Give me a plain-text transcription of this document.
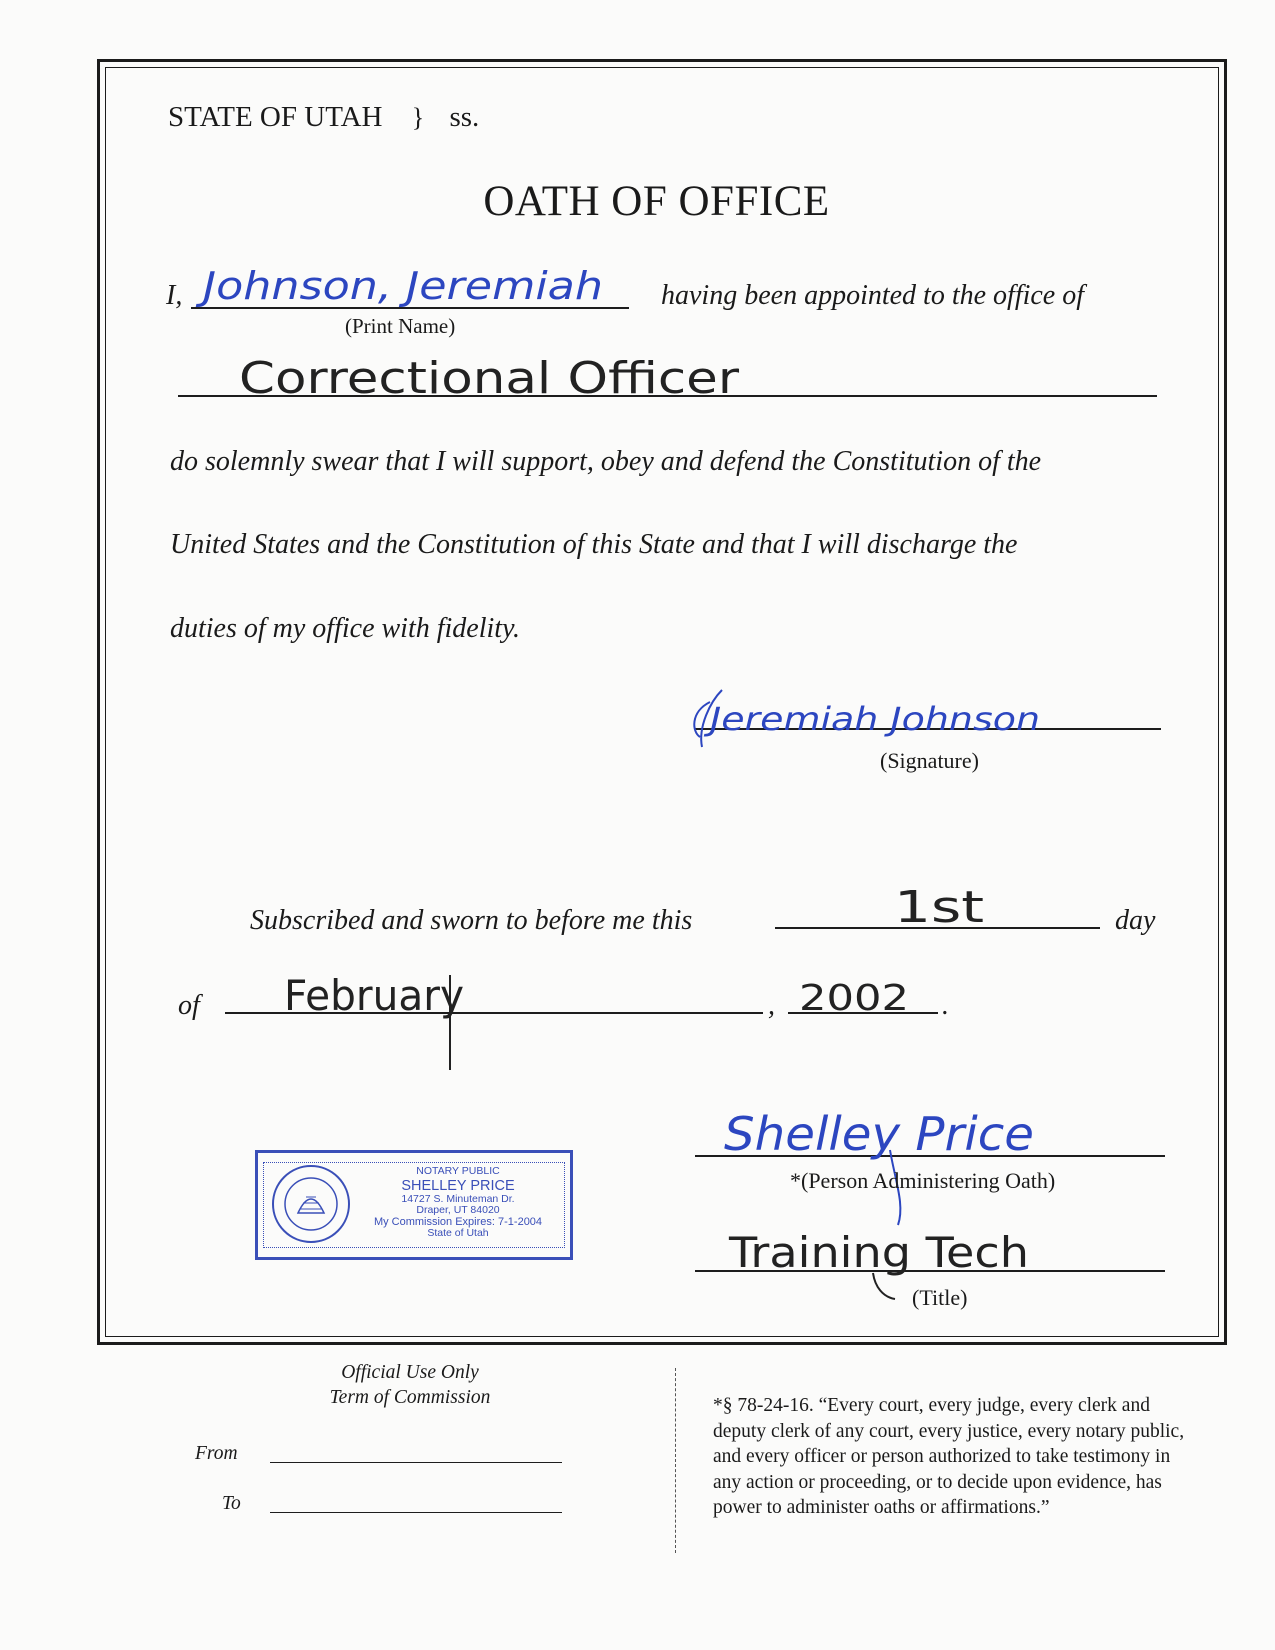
STATE OF UTAH } ss.
OATH OF OFFICE
I, Johnson, Jeremiah
(Print Name)
having been appointed to the office of
Correctional Officer
do solemnly swear that I will support, obey and defend the Constitution of the
United States and the Constitution of this State and that I will discharge the
duties of my office with fidelity.
Jeremiah Johnson
(Signature)
Subscribed and sworn to before me this	1st	day
of February	, 2002 .
NOTARY PUBLIC
SHELLEY PRICE
14727 S. Minuteman Dr.
Draper, UT 84020
My Commission Expires: 7-1-2004
State of Utah
Shelley Price
*(Person Administering Oath)
Training Tech
(Title)
Official Use Only
Term of Commission
From
To
*§ 78-24-16. “Every court, every judge, every clerk and
deputy clerk of any court, every justice, every notary public,
and every officer or person authorized to take testimony in
any action or proceeding, or to decide upon evidence, has
power to administer oaths or affirmations.”
